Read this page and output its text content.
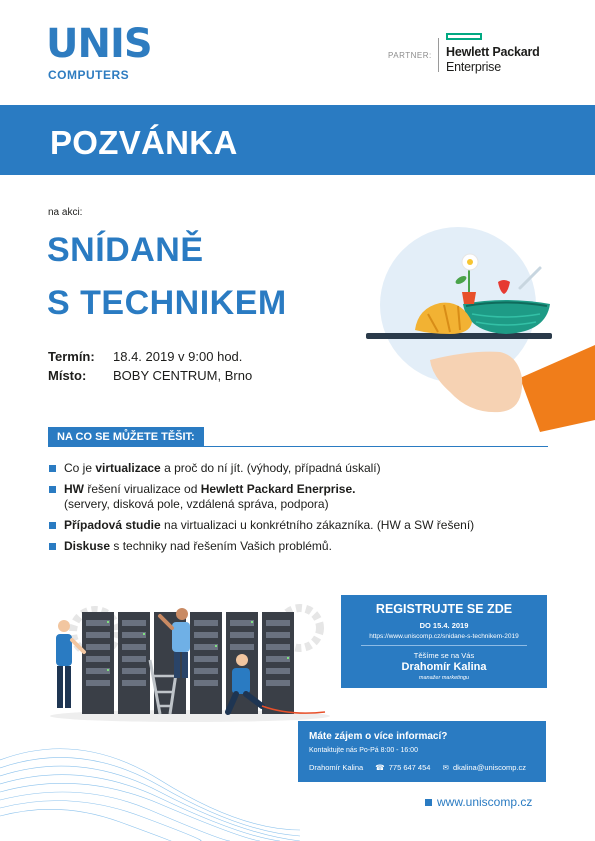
UNIS
COMPUTERS
PARTNER: Hewlett Packard
Enterprise
POZVÁNKA
na akci:
SNÍDANĚ
S TECHNIKEM
Termín: 18.4. 2019 v 9:00 hod.
Místo: BOBY CENTRUM, Brno
NA CO SE MŮŽETE TĚŠIT:
Co je virtualizace a proč do ní jít. (výhody, případná úskalí)
HW řešení virualizace od Hewlett Packard Enerprise.
(servery, disková pole, vzdálená správa, podpora)
Případová studie na virtualizaci u konkrétního zákazníka. (HW a SW řešení)
Diskuse s techniky nad řešením Vašich problémů.
REGISTRUJTE SE ZDE
DO 15.4. 2019
https://www.uniscomp.cz/snidane-s-technikem-2019
Těšíme se na Vás
Drahomír Kalina
manažer marketingu
Máte zájem o více informací?
Kontaktujte nás Po-Pá 8:00 - 16:00
Drahomír Kalina ☎ 775 647 454 ✉ dkalina@uniscomp.cz
www.uniscomp.cz
